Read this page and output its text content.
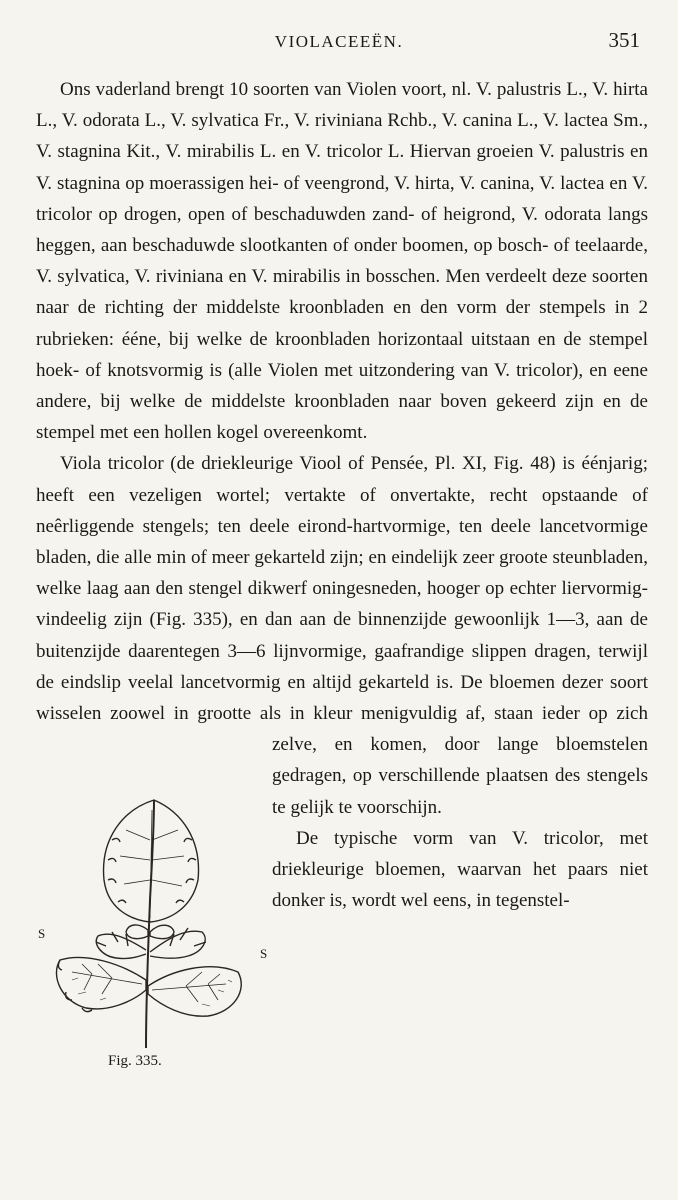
VIOLACEEËN.	351

Ons vaderland brengt 10 soorten van Violen voort, nl. V. palustris L., V. hirta L., V. odorata L., V. sylvatica Fr., V. riviniana Rchb., V. canina L., V. lactea Sm., V. stagnina Kit., V. mirabilis L. en V. tricolor L. Hiervan groeien V. palustris en V. stagnina op moerassigen hei- of veengrond, V. hirta, V. canina, V. lactea en V. tricolor op drogen, open of beschaduwden zand- of heigrond, V. odorata langs heggen, aan beschaduwde slootkanten of onder boomen, op bosch- of teelaarde, V. sylvatica, V. riviniana en V. mirabilis in bosschen. Men verdeelt deze soorten naar de richting der middelste kroonbladen en den vorm der stempels in 2 rubrieken: ééne, bij welke de kroonbladen horizontaal uitstaan en de stempel hoek- of knotsvormig is (alle Violen met uitzondering van V. tricolor), en eene andere, bij welke de middelste kroonbladen naar boven gekeerd zijn en de stempel met een hollen kogel overeenkomt.

Viola tricolor (de driekleurige Viool of Pensée, Pl. XI, Fig. 48) is éénjarig; heeft een vezeligen wortel; vertakte of onvertakte, recht opstaande of neêrliggende stengels; ten deele eirond-hartvormige, ten deele lancetvormige bladen, die alle min of meer gekarteld zijn; en eindelijk zeer groote steunbladen, welke laag aan den stengel dikwerf oningesneden, hooger op echter liervormig-vindeelig zijn (Fig. 335), en dan aan de binnenzijde gewoonlijk 1—3, aan de buitenzijde daarentegen 3—6 lijnvormige, gaafrandige slippen dragen, terwijl de eindslip veelal lancetvormig en altijd gekarteld is. De bloemen dezer soort wisselen zoowel in grootte als in kleur menigvuldig af, staan ieder op zich zelve, en komen, door lange bloemstelen gedragen, op verschillende plaatsen des stengels te gelijk te voorschijn.

De typische vorm van V. tricolor, met driekleurige bloemen, waarvan het paars niet donker is, wordt wel eens, in tegenstel-

S
S
Fig. 335.
